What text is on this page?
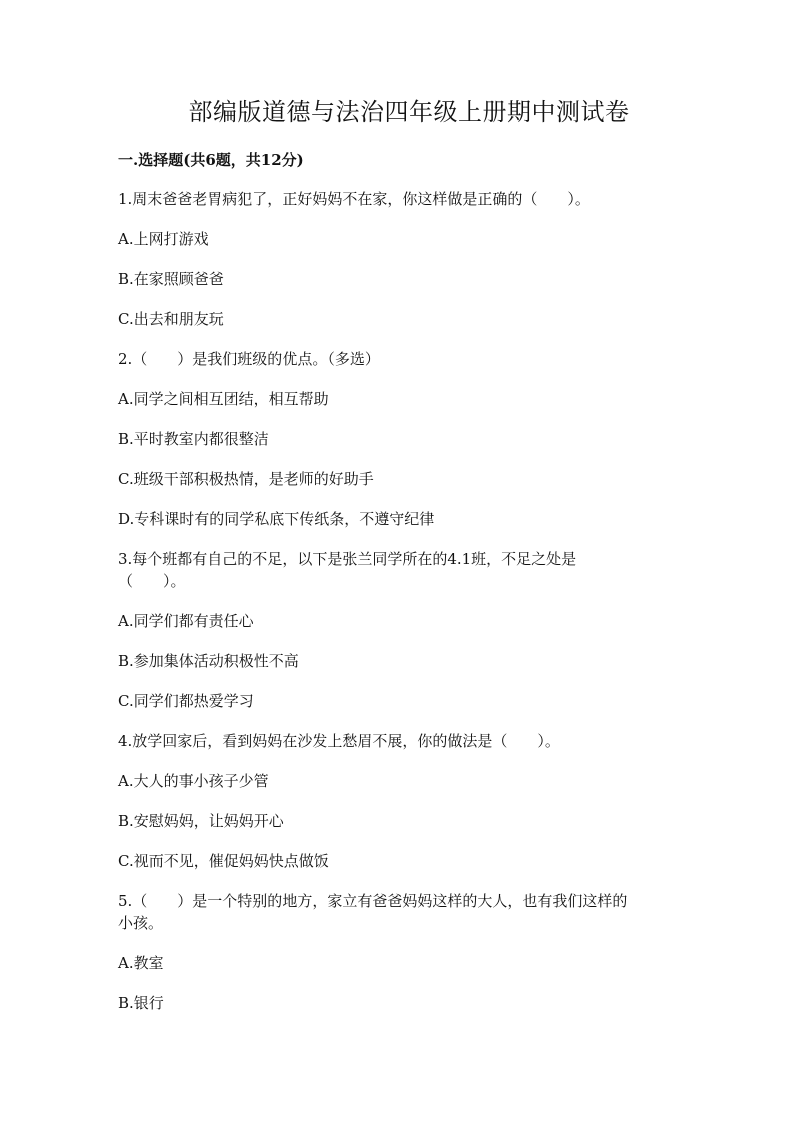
部编版道德与法治四年级上册期中测试卷
一.选择题(共6题，共12分)

1.周末爸爸老胃病犯了，正好妈妈不在家，你这样做是正确的（　　）。

A.上网打游戏

B.在家照顾爸爸

C.出去和朋友玩

2.（　　）是我们班级的优点。（多选）

A.同学之间相互团结，相互帮助

B.平时教室内都很整洁

C.班级干部积极热情，是老师的好助手

D.专科课时有的同学私底下传纸条，不遵守纪律

3.每个班都有自己的不足，以下是张兰同学所在的4.1班，不足之处是

（　　）。

A.同学们都有责任心

B.参加集体活动积极性不高

C.同学们都热爱学习

4.放学回家后，看到妈妈在沙发上愁眉不展，你的做法是（　　）。

A.大人的事小孩子少管

B.安慰妈妈，让妈妈开心

C.视而不见，催促妈妈快点做饭

5.（　　）是一个特别的地方，家立有爸爸妈妈这样的大人，也有我们这样的

小孩。

A.教室

B.银行
